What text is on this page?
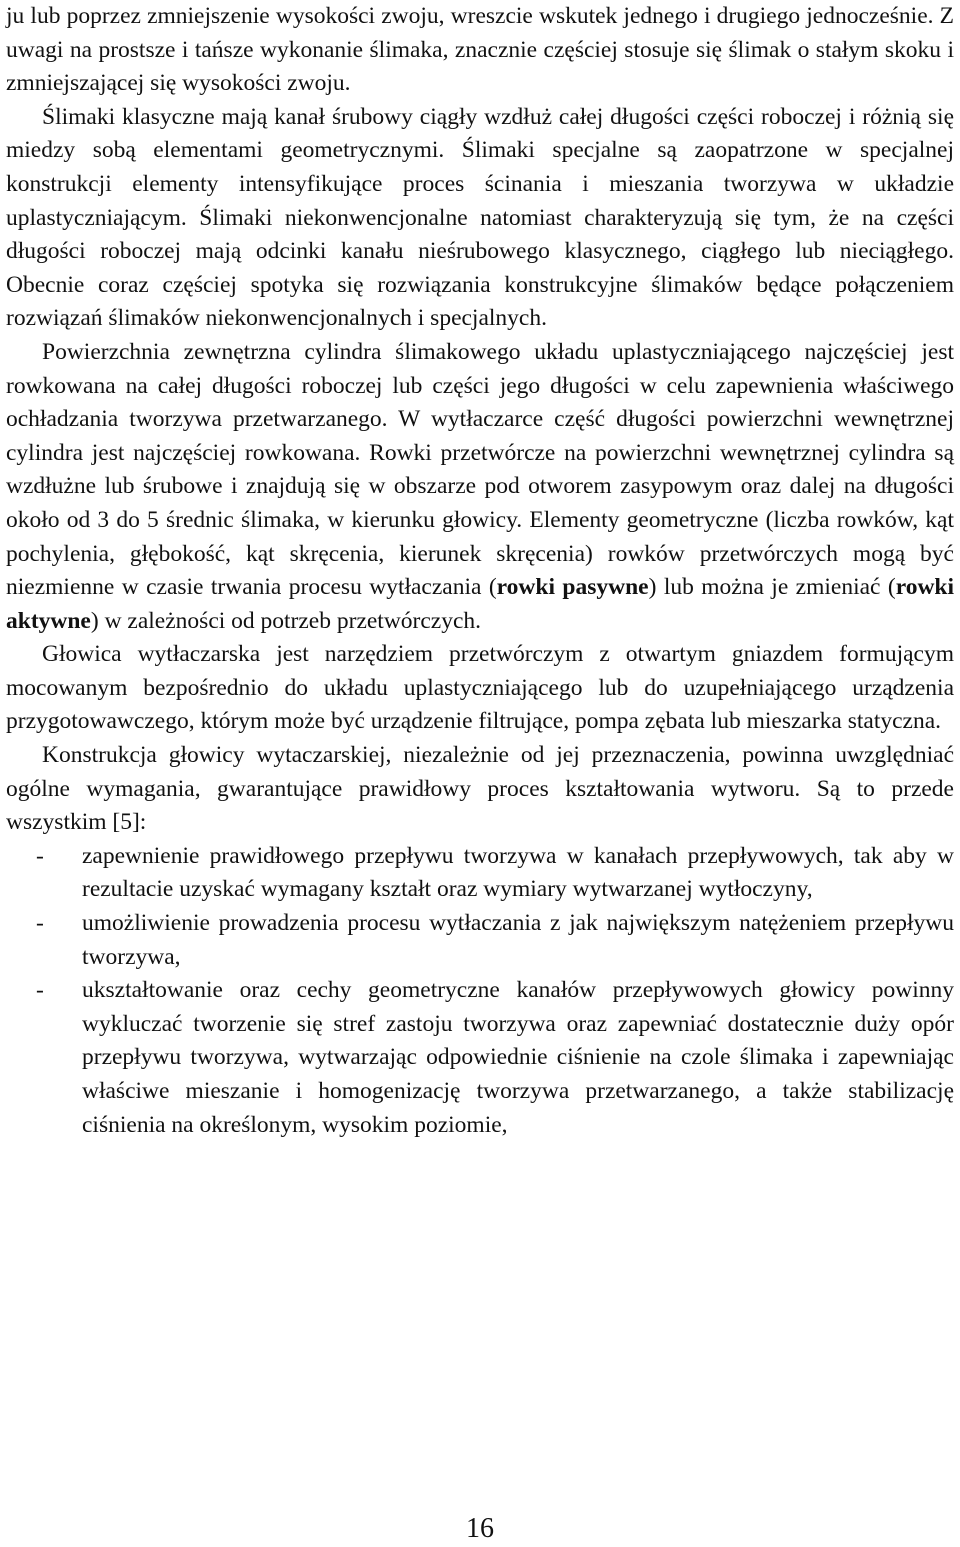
ju lub poprzez zmniejszenie wysokości zwoju, wreszcie wskutek jednego i drugiego jednocześnie. Z uwagi na prostsze i tańsze wykonanie ślimaka, znacznie częściej stosuje się ślimak o stałym skoku i zmniejszającej się wysokości zwoju.

Ślimaki klasyczne mają kanał śrubowy ciągły wzdłuż całej długości części roboczej i różnią się miedzy sobą elementami geometrycznymi. Ślimaki specjalne są zaopatrzone w specjalnej konstrukcji elementy intensyfikujące proces ścinania i mieszania tworzywa w układzie uplastyczniającym. Ślimaki niekonwencjonalne natomiast charakteryzują się tym, że na części długości roboczej mają odcinki kanału nieśrubowego klasycznego, ciągłego lub nieciągłego. Obecnie coraz częściej spotyka się rozwiązania konstrukcyjne ślimaków będące połączeniem rozwiązań ślimaków niekonwencjonalnych i specjalnych.

Powierzchnia zewnętrzna cylindra ślimakowego układu uplastyczniającego najczęściej jest rowkowana na całej długości roboczej lub części jego długości w celu zapewnienia właściwego ochładzania tworzywa przetwarzanego. W wytłaczarce część długości powierzchni wewnętrznej cylindra jest najczęściej rowkowana. Rowki przetwórcze na powierzchni wewnętrznej cylindra są wzdłużne lub śrubowe i znajdują się w obszarze pod otworem zasypowym oraz dalej na długości około od 3 do 5 średnic ślimaka, w kierunku głowicy. Elementy geometryczne (liczba rowków, kąt pochylenia, głębokość, kąt skręcenia, kierunek skręcenia) rowków przetwórczych mogą być niezmienne w czasie trwania procesu wytłaczania (rowki pasywne) lub można je zmieniać (rowki aktywne) w zależności od potrzeb przetwórczych.

Głowica wytłaczarska jest narzędziem przetwórczym z otwartym gniazdem formującym mocowanym bezpośrednio do układu uplastyczniającego lub do uzupełniającego urządzenia przygotowawczego, którym może być urządzenie filtrujące, pompa zębata lub mieszarka statyczna.

Konstrukcja głowicy wytaczarskiej, niezależnie od jej przeznaczenia, powinna uwzględniać ogólne wymagania, gwarantujące prawidłowy proces kształtowania wytworu. Są to przede wszystkim [5]:

- zapewnienie prawidłowego przepływu tworzywa w kanałach przepływowych, tak aby w rezultacie uzyskać wymagany kształt oraz wymiary wytwarzanej wytłoczyny,
- umożliwienie prowadzenia procesu wytłaczania z jak największym natężeniem przepływu tworzywa,
- ukształtowanie oraz cechy geometryczne kanałów przepływowych głowicy powinny wykluczać tworzenie się stref zastoju tworzywa oraz zapewniać dostatecznie duży opór przepływu tworzywa, wytwarzając odpowiednie ciśnienie na czole ślimaka i zapewniając właściwe mieszanie i homogenizację tworzywa przetwarzanego, a także stabilizację ciśnienia na określonym, wysokim poziomie,
16
